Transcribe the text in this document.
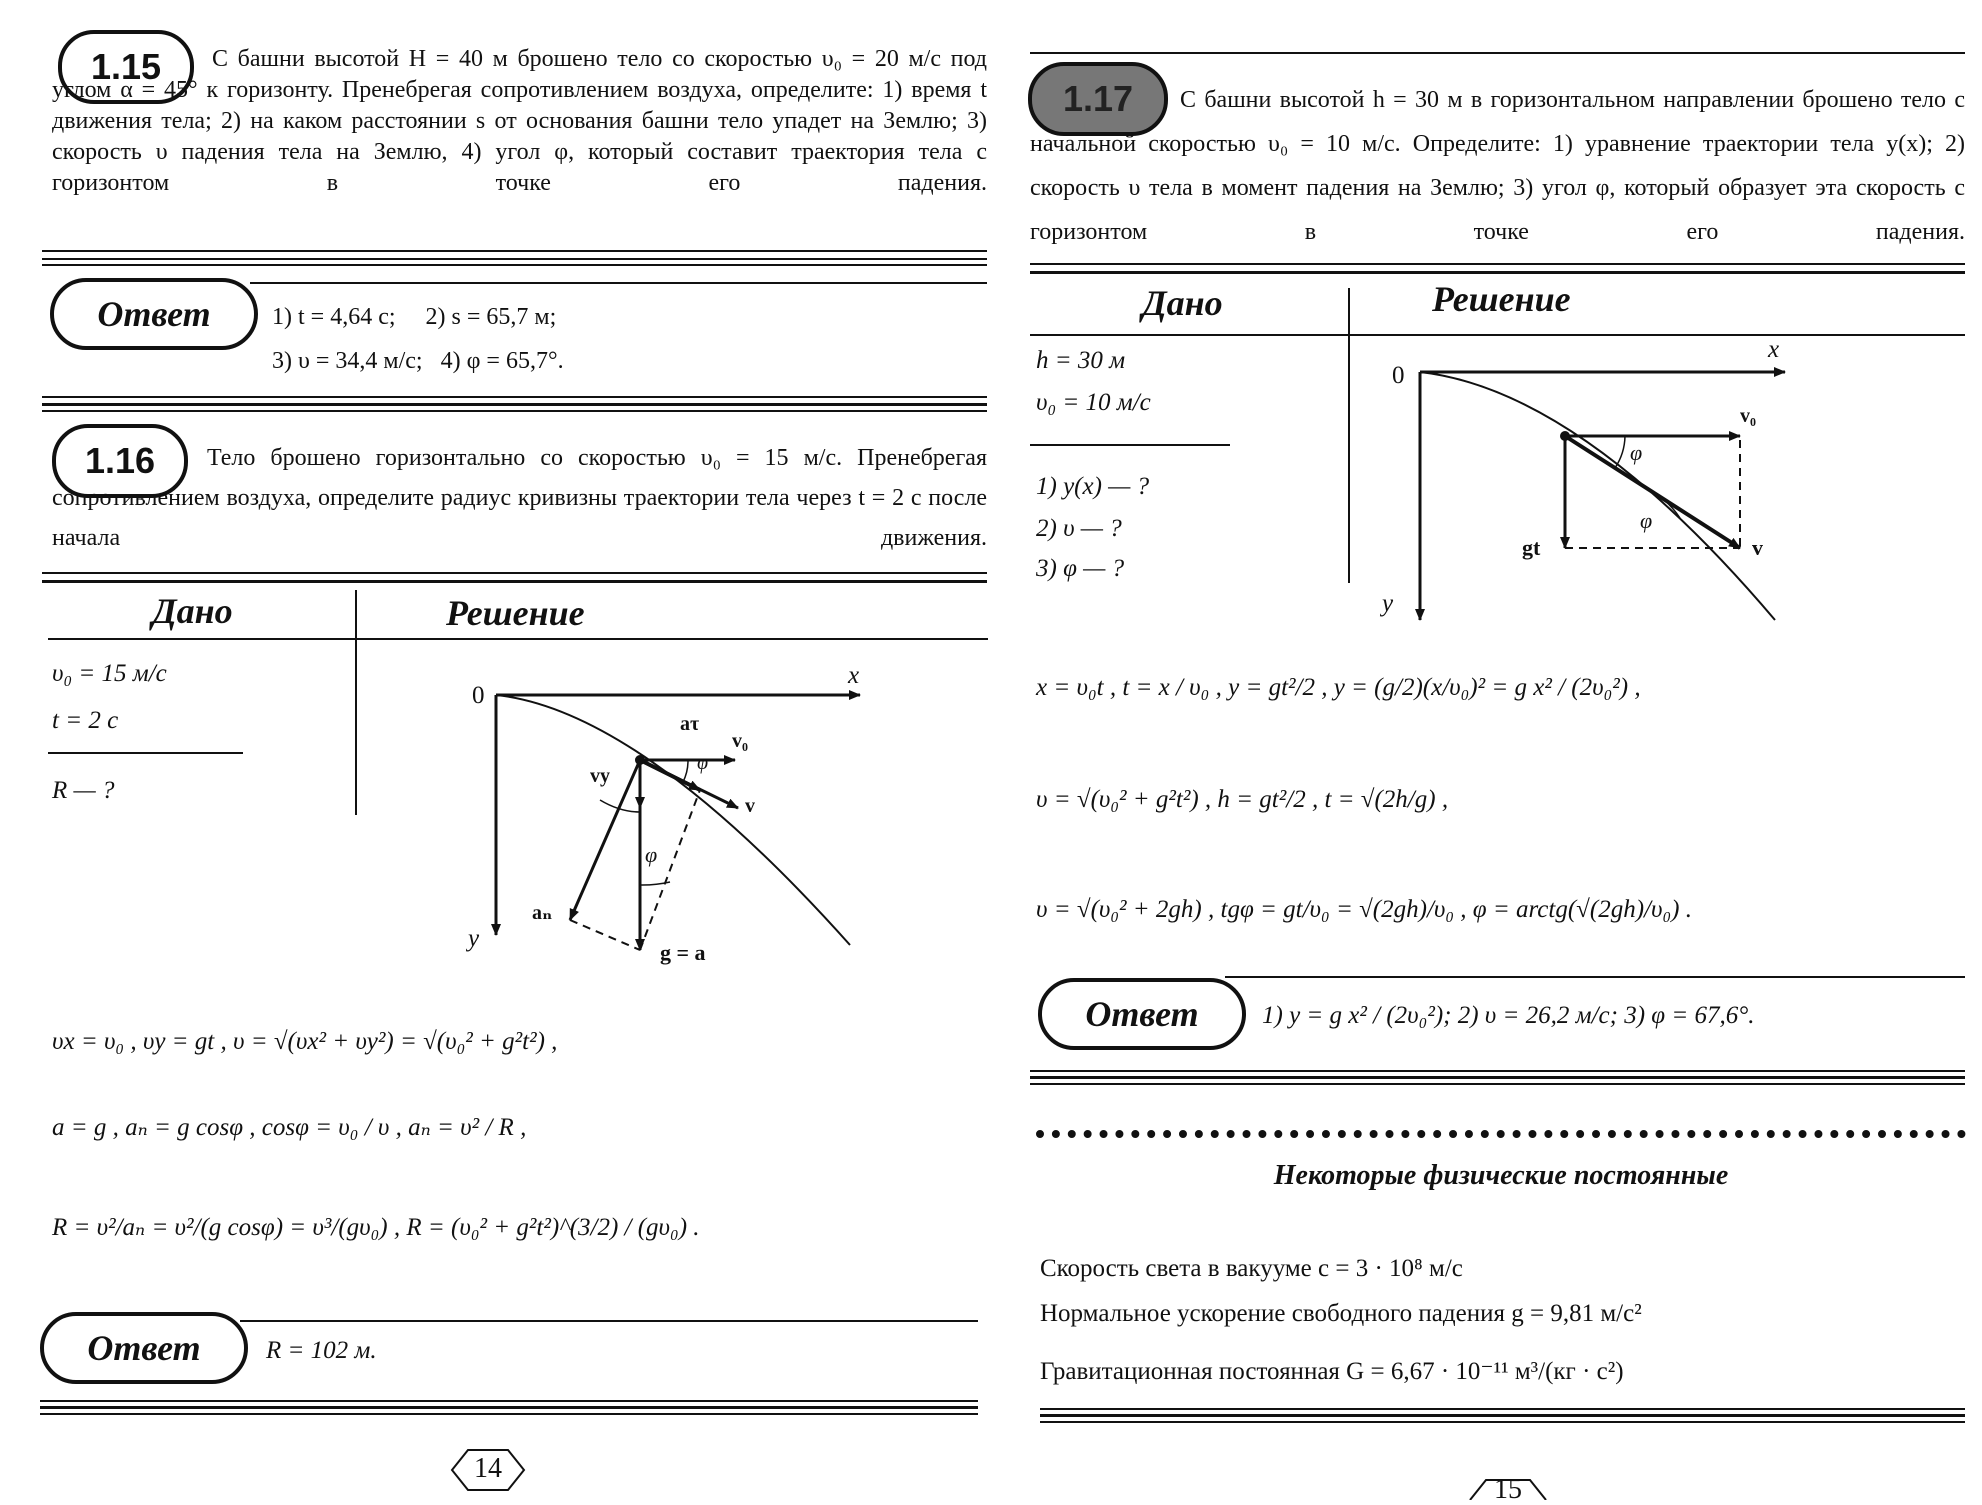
1.15	С башни высотой H = 40 м брошено тело со скоростью υ₀ = 20 м/с под углом α = 45° к горизонту. Пренебрегая сопротивлением воздуха, определите: 1) время t движения тела; 2) на каком расстоянии s от основания башни тело упадет на Землю; 3) скорость υ падения тела на Землю, 4) угол φ, который составит траектория тела с горизонтом в точке его падения.
Ответ	1) t = 4,64 с;     2) s = 65,7 м;
3) υ = 34,4 м/с;   4) φ = 65,7°.
1.16	Тело брошено горизонтально со скоростью υ₀ = 15 м/с. Пренебрегая сопротивлением воздуха, определите радиус кривизны траектории тела через t = 2 с после начала движения.
Дано	Решение
υ₀ = 15 м/с
t = 2 с
R — ?
0
x
y
aτ
v₀
vy
v
φ
φ
aₙ
g = a
υx = υ₀ , υy = gt , υ = √(υx² + υy²) = √(υ₀² + g²t²) ,
a = g , aₙ = g cosφ , cosφ = υ₀ / υ , aₙ = υ² / R ,
R = υ²/aₙ = υ²/(g cosφ) = υ³/(gυ₀) , R = (υ₀² + g²t²)^(3/2) / (gυ₀) .
Ответ	R = 102 м.
14
1.17	С башни высотой h = 30 м в горизонтальном направлении брошено тело с начальной скоростью υ₀ = 10 м/с. Определите: 1) уравнение траектории тела y(x); 2) скорость υ тела в момент падения на Землю; 3) угол φ, который образует эта скорость с горизонтом в точке его падения.
Дано	Решение
h = 30 м
υ₀ = 10 м/с
1) y(x) — ?
2) υ — ?
3) φ — ?
0
x
y
v₀
φ
φ
gt	v
x = υ₀t , t = x / υ₀ , y = gt²/2 , y = (g/2)(x/υ₀)² = g x² / (2υ₀²) ,
υ = √(υ₀² + g²t²) , h = gt²/2 , t = √(2h/g) ,
υ = √(υ₀² + 2gh) , tgφ = gt/υ₀ = √(2gh)/υ₀ , φ = arctg(√(2gh)/υ₀) .
Ответ	1) y = g x² / (2υ₀²); 2) υ = 26,2 м/с; 3) φ = 67,6°.
Некоторые физические постоянные
Скорость света в вакууме c = 3 · 10⁸ м/с
Нормальное ускорение свободного падения g = 9,81 м/с²
Гравитационная постоянная G = 6,67 · 10⁻¹¹ м³/(кг · с²)
15
